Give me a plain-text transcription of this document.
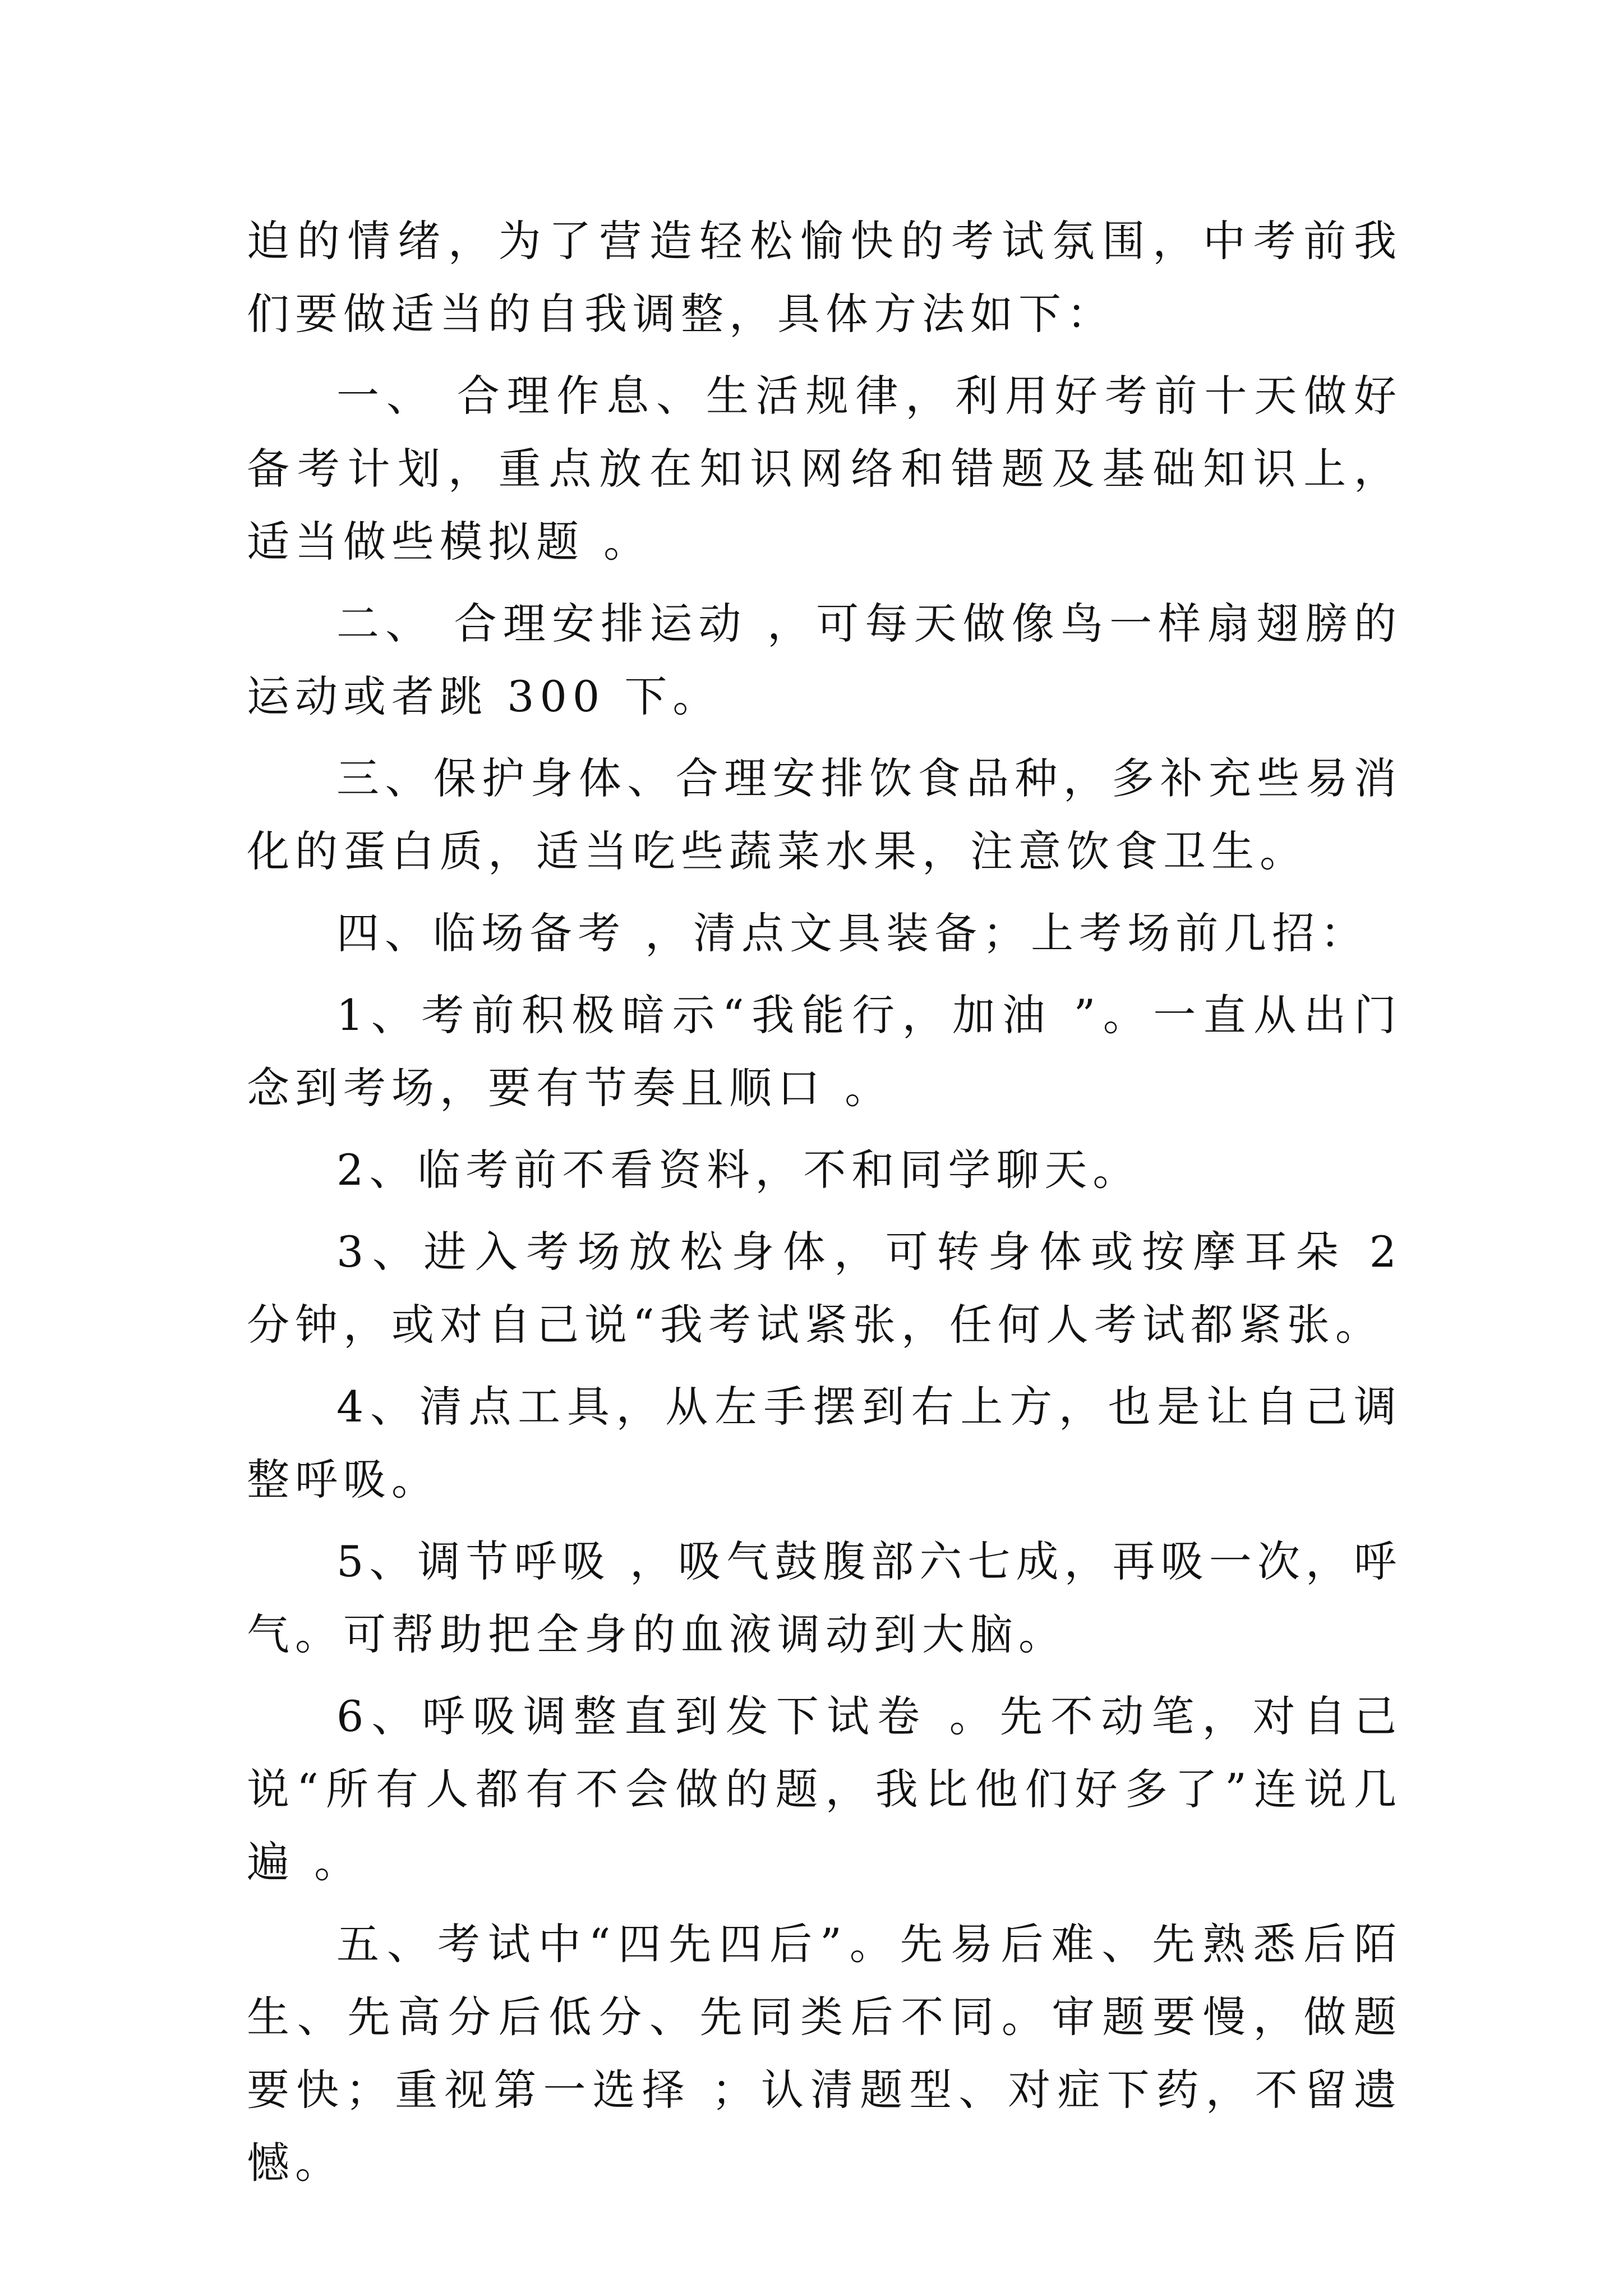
迫的情绪，为了营造轻松愉快的考试氛围，中考前我们要做适当的自我调整，具体方法如下：

一、 合理作息、生活规律，利用好考前十天做好备考计划，重点放在知识网络和错题及基础知识上，适当做些模拟题 。

二、 合理安排运动 ，可每天做像鸟一样扇翅膀的运动或者跳 300 下。

三、保护身体、合理安排饮食品种，多补充些易消化的蛋白质，适当吃些蔬菜水果，注意饮食卫生。

四、临场备考 ，清点文具装备；上考场前几招：

1、考前积极暗示“我能行，加油 ”。一直从出门念到考场，要有节奏且顺口 。

2、临考前不看资料，不和同学聊天。

3、进入考场放松身体，可转身体或按摩耳朵 2 分钟，或对自己说“我考试紧张，任何人考试都紧张。

4、清点工具，从左手摆到右上方，也是让自己调整呼吸。

5、调节呼吸 ，吸气鼓腹部六七成，再吸一次，呼气。可帮助把全身的血液调动到大脑。

6、呼吸调整直到发下试卷 。先不动笔，对自己说“所有人都有不会做的题，我比他们好多了”连说几遍 。

五、考试中“四先四后”。先易后难、先熟悉后陌生、先高分后低分、先同类后不同。审题要慢，做题要快；重视第一选择 ；认清题型、对症下药，不留遗憾。
